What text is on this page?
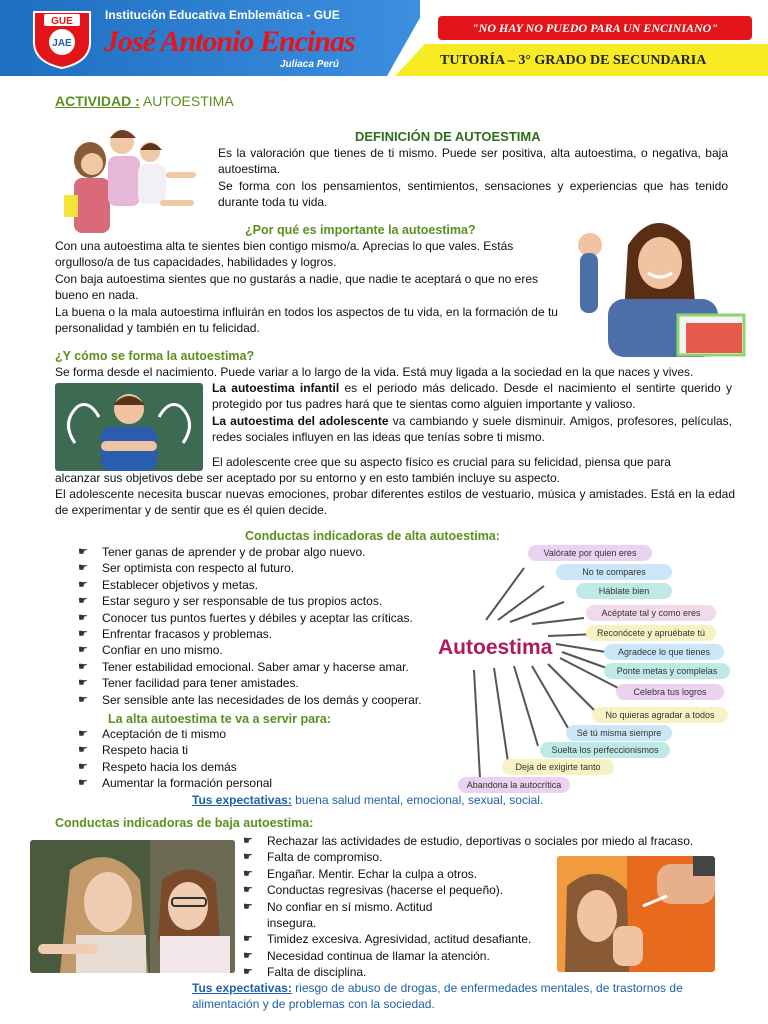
GUE
JAE
Institución Educativa Emblemática - GUE
José Antonio Encinas
Juliaca Perú
"NO HAY NO PUEDO PARA UN ENCINIANO"
TUTORÍA – 3° GRADO DE SECUNDARIA
ACTIVIDAD : AUTOESTIMA
DEFINICIÓN DE AUTOESTIMA
Es la valoración que tienes de ti mismo. Puede ser positiva, alta autoestima, o negativa, baja autoestima.
Se forma con los pensamientos, sentimientos, sensaciones y experiencias que has tenido durante toda tu vida.
¿Por qué es importante la autoestima?
Con una autoestima alta te sientes bien contigo mismo/a. Aprecias lo que vales. Estás orgulloso/a de tus capacidades, habilidades y logros.
Con baja autoestima sientes que no gustarás a nadie, que nadie te aceptará o que no eres bueno en nada.
La buena o la mala autoestima influirán en todos los aspectos de tu vida, en la formación de tu personalidad y también en tu felicidad.
¿Y cómo se forma la autoestima?
Se forma desde el nacimiento. Puede variar a lo largo de la vida. Está muy ligada a la sociedad en la que naces y vives.
La autoestima infantil es el periodo más delicado. Desde el nacimiento el sentirte querido y protegido por tus padres hará que te sientas como alguien importante y valioso.
La autoestima del adolescente va cambiando y suele disminuir. Amigos, profesores, películas, redes sociales influyen en las ideas que tenías sobre ti mismo.
El adolescente cree que su aspecto físico es crucial para su felicidad, piensa que para
alcanzar sus objetivos debe ser aceptado por su entorno y en esto también incluye su aspecto.
El adolescente necesita buscar nuevas emociones, probar diferentes estilos de vestuario, música y amistades. Está en la edad de experimentar y de sentir que es él quien decide.
Conductas indicadoras de alta autoestima:
☛ Tener ganas de aprender y de probar algo nuevo.
☛ Ser optimista con respecto al futuro.
☛ Establecer objetivos y metas.
☛ Estar seguro y ser responsable de tus propios actos.
☛ Conocer tus puntos fuertes y débiles y aceptar las críticas.
☛ Enfrentar fracasos y problemas.
☛ Confiar en uno mismo.
☛ Tener estabilidad emocional. Saber amar y hacerse amar.
☛ Tener facilidad para tener amistades.
☛ Ser sensible ante las necesidades de los demás y cooperar.
La alta autoestima te va a servir para:
☛ Aceptación de ti mismo
☛ Respeto hacia ti
☛ Respeto hacia los demás
☛ Aumentar la formación personal
Tus expectativas: buena salud mental, emocional, sexual, social.
Autoestima
Valórate por quien eres
No te compares
Háblate bien
Acéptate tal y como eres
Reconócete y apruébate tú
Agradece lo que tienes
Ponte metas y complelas
Celebra tus logros
No quieras agradar a todos
Sé tú misma siempre
Suelta los perfeccionismos
Deja de exigirte tanto
Abandona la autocrítica
Conductas indicadoras de baja autoestima:
☛ Rechazar las actividades de estudio, deportivas o sociales por miedo al fracaso.
☛ Falta de compromiso.
☛ Engañar. Mentir. Echar la culpa a otros.
☛ Conductas regresivas (hacerse el pequeño).
☛ No confiar en sí mismo. Actitud
insegura.
☛ Timidez excesiva. Agresividad, actitud desafiante.
☛ Necesidad continua de llamar la atención.
☛ Falta de disciplina.
Tus expectativas: riesgo de abuso de drogas, de enfermedades mentales, de trastornos de alimentación y de problemas con la sociedad.
